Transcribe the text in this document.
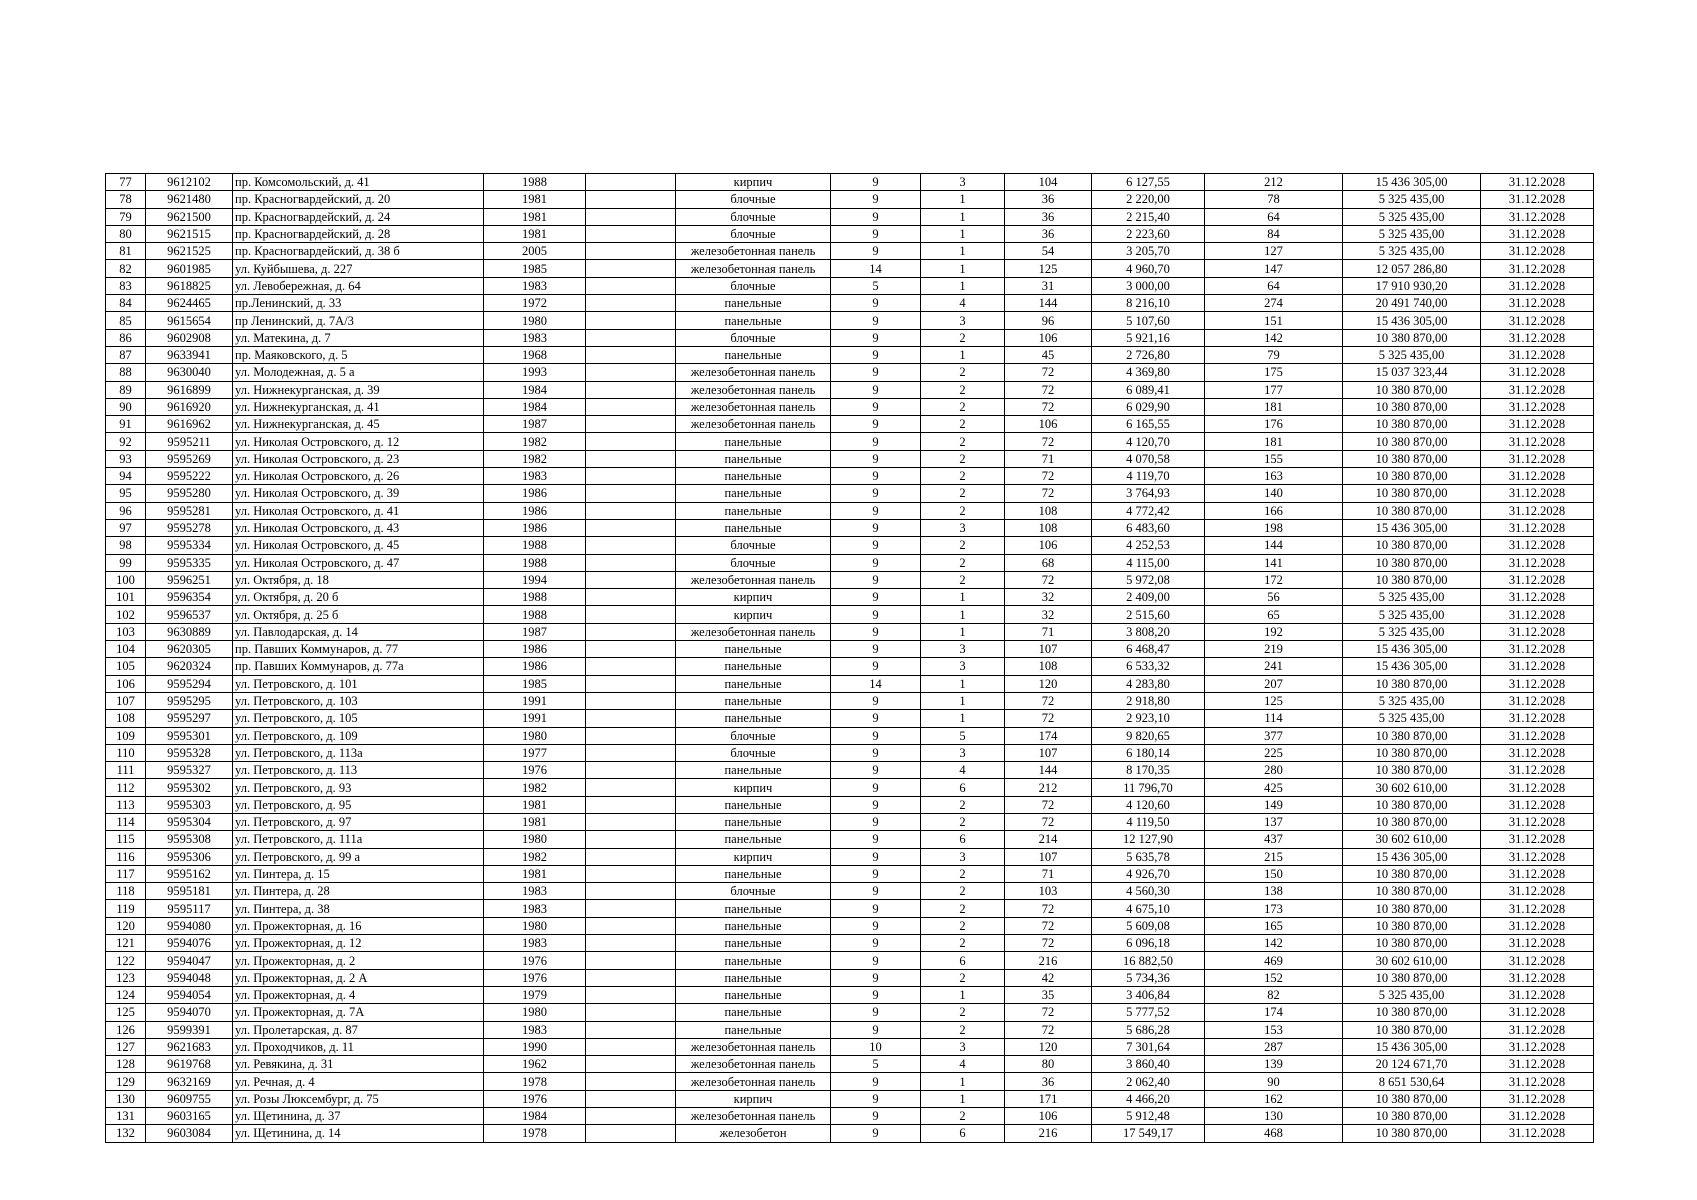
77	9612102	пр. Комсомольский, д. 41	1988		кирпич	9	3	104	6 127,55	212	15 436 305,00	31.12.2028
78	9621480	пр. Красногвардейский, д. 20	1981		блочные	9	1	36	2 220,00	78	5 325 435,00	31.12.2028
79	9621500	пр. Красногвардейский, д. 24	1981		блочные	9	1	36	2 215,40	64	5 325 435,00	31.12.2028
80	9621515	пр. Красногвардейский, д. 28	1981		блочные	9	1	36	2 223,60	84	5 325 435,00	31.12.2028
81	9621525	пр. Красногвардейский, д. 38 б	2005		железобетонная панель	9	1	54	3 205,70	127	5 325 435,00	31.12.2028
82	9601985	ул. Куйбышева, д. 227	1985		железобетонная панель	14	1	125	4 960,70	147	12 057 286,80	31.12.2028
83	9618825	ул. Левобережная, д. 64	1983		блочные	5	1	31	3 000,00	64	17 910 930,20	31.12.2028
84	9624465	пр.Ленинский, д. 33	1972		панельные	9	4	144	8 216,10	274	20 491 740,00	31.12.2028
85	9615654	пр Ленинский, д. 7А/3	1980		панельные	9	3	96	5 107,60	151	15 436 305,00	31.12.2028
86	9602908	ул. Матекина, д. 7	1983		блочные	9	2	106	5 921,16	142	10 380 870,00	31.12.2028
87	9633941	пр. Маяковского, д. 5	1968		панельные	9	1	45	2 726,80	79	5 325 435,00	31.12.2028
88	9630040	ул. Молодежная, д. 5 а	1993		железобетонная панель	9	2	72	4 369,80	175	15 037 323,44	31.12.2028
89	9616899	ул. Нижнекурганская, д. 39	1984		железобетонная панель	9	2	72	6 089,41	177	10 380 870,00	31.12.2028
90	9616920	ул. Нижнекурганская, д. 41	1984		железобетонная панель	9	2	72	6 029,90	181	10 380 870,00	31.12.2028
91	9616962	ул. Нижнекурганская, д. 45	1987		железобетонная панель	9	2	106	6 165,55	176	10 380 870,00	31.12.2028
92	9595211	ул. Николая Островского, д. 12	1982		панельные	9	2	72	4 120,70	181	10 380 870,00	31.12.2028
93	9595269	ул. Николая Островского, д. 23	1982		панельные	9	2	71	4 070,58	155	10 380 870,00	31.12.2028
94	9595222	ул. Николая Островского, д. 26	1983		панельные	9	2	72	4 119,70	163	10 380 870,00	31.12.2028
95	9595280	ул. Николая Островского, д. 39	1986		панельные	9	2	72	3 764,93	140	10 380 870,00	31.12.2028
96	9595281	ул. Николая Островского, д. 41	1986		панельные	9	2	108	4 772,42	166	10 380 870,00	31.12.2028
97	9595278	ул. Николая Островского, д. 43	1986		панельные	9	3	108	6 483,60	198	15 436 305,00	31.12.2028
98	9595334	ул. Николая Островского, д. 45	1988		блочные	9	2	106	4 252,53	144	10 380 870,00	31.12.2028
99	9595335	ул. Николая Островского, д. 47	1988		блочные	9	2	68	4 115,00	141	10 380 870,00	31.12.2028
100	9596251	ул. Октября, д. 18	1994		железобетонная панель	9	2	72	5 972,08	172	10 380 870,00	31.12.2028
101	9596354	ул. Октября, д. 20 б	1988		кирпич	9	1	32	2 409,00	56	5 325 435,00	31.12.2028
102	9596537	ул. Октября, д. 25 б	1988		кирпич	9	1	32	2 515,60	65	5 325 435,00	31.12.2028
103	9630889	ул. Павлодарская, д. 14	1987		железобетонная панель	9	1	71	3 808,20	192	5 325 435,00	31.12.2028
104	9620305	пр. Павших Коммунаров, д. 77	1986		панельные	9	3	107	6 468,47	219	15 436 305,00	31.12.2028
105	9620324	пр. Павших Коммунаров, д. 77а	1986		панельные	9	3	108	6 533,32	241	15 436 305,00	31.12.2028
106	9595294	ул. Петровского, д. 101	1985		панельные	14	1	120	4 283,80	207	10 380 870,00	31.12.2028
107	9595295	ул. Петровского, д. 103	1991		панельные	9	1	72	2 918,80	125	5 325 435,00	31.12.2028
108	9595297	ул. Петровского, д. 105	1991		панельные	9	1	72	2 923,10	114	5 325 435,00	31.12.2028
109	9595301	ул. Петровского, д. 109	1980		блочные	9	5	174	9 820,65	377	10 380 870,00	31.12.2028
110	9595328	ул. Петровского, д. 113а	1977		блочные	9	3	107	6 180,14	225	10 380 870,00	31.12.2028
111	9595327	ул. Петровского, д. 113	1976		панельные	9	4	144	8 170,35	280	10 380 870,00	31.12.2028
112	9595302	ул. Петровского, д. 93	1982		кирпич	9	6	212	11 796,70	425	30 602 610,00	31.12.2028
113	9595303	ул. Петровского, д. 95	1981		панельные	9	2	72	4 120,60	149	10 380 870,00	31.12.2028
114	9595304	ул. Петровского, д. 97	1981		панельные	9	2	72	4 119,50	137	10 380 870,00	31.12.2028
115	9595308	ул. Петровского, д. 111а	1980		панельные	9	6	214	12 127,90	437	30 602 610,00	31.12.2028
116	9595306	ул. Петровского, д. 99 а	1982		кирпич	9	3	107	5 635,78	215	15 436 305,00	31.12.2028
117	9595162	ул. Пинтера, д. 15	1981		панельные	9	2	71	4 926,70	150	10 380 870,00	31.12.2028
118	9595181	ул. Пинтера, д. 28	1983		блочные	9	2	103	4 560,30	138	10 380 870,00	31.12.2028
119	9595117	ул. Пинтера, д. 38	1983		панельные	9	2	72	4 675,10	173	10 380 870,00	31.12.2028
120	9594080	ул. Прожекторная, д. 16	1980		панельные	9	2	72	5 609,08	165	10 380 870,00	31.12.2028
121	9594076	ул. Прожекторная, д. 12	1983		панельные	9	2	72	6 096,18	142	10 380 870,00	31.12.2028
122	9594047	ул. Прожекторная, д. 2	1976		панельные	9	6	216	16 882,50	469	30 602 610,00	31.12.2028
123	9594048	ул. Прожекторная, д. 2 А	1976		панельные	9	2	42	5 734,36	152	10 380 870,00	31.12.2028
124	9594054	ул. Прожекторная, д. 4	1979		панельные	9	1	35	3 406,84	82	5 325 435,00	31.12.2028
125	9594070	ул. Прожекторная, д. 7А	1980		панельные	9	2	72	5 777,52	174	10 380 870,00	31.12.2028
126	9599391	ул. Пролетарская, д. 87	1983		панельные	9	2	72	5 686,28	153	10 380 870,00	31.12.2028
127	9621683	ул. Проходчиков, д. 11	1990		железобетонная панель	10	3	120	7 301,64	287	15 436 305,00	31.12.2028
128	9619768	ул. Ревякина, д. 31	1962		железобетонная панель	5	4	80	3 860,40	139	20 124 671,70	31.12.2028
129	9632169	ул. Речная, д. 4	1978		железобетонная панель	9	1	36	2 062,40	90	8 651 530,64	31.12.2028
130	9609755	ул. Розы Люксембург, д. 75	1976		кирпич	9	1	171	4 466,20	162	10 380 870,00	31.12.2028
131	9603165	ул. Щетинина, д. 37	1984		железобетонная панель	9	2	106	5 912,48	130	10 380 870,00	31.12.2028
132	9603084	ул. Щетинина, д. 14	1978		железобетон	9	6	216	17 549,17	468	10 380 870,00	31.12.2028
